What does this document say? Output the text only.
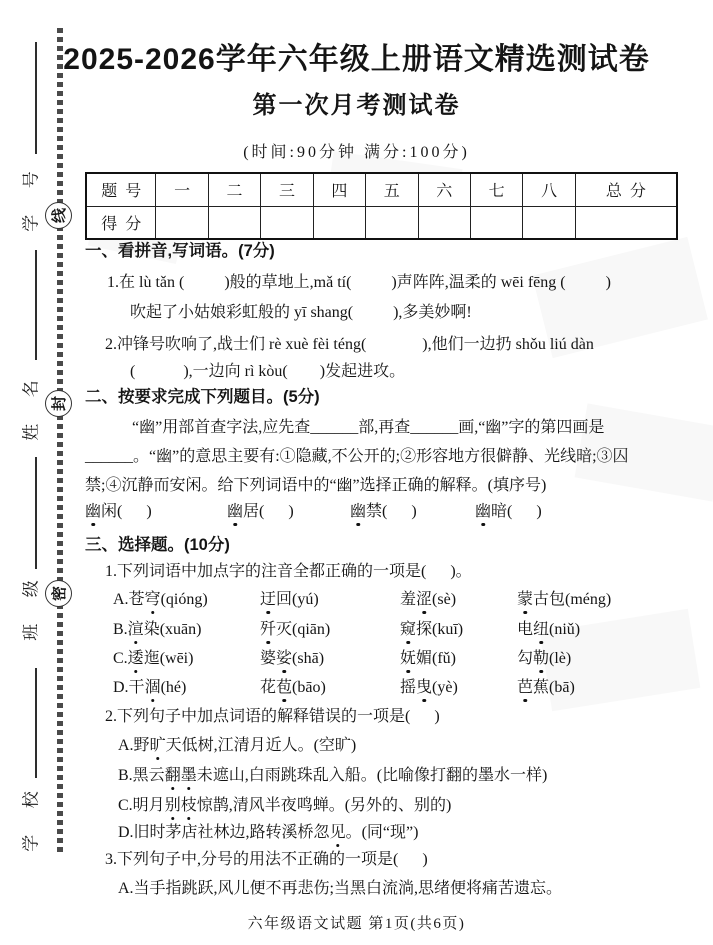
学  号
姓  名
班  级
学  校
线
封
密
2025-2026学年六年级上册语文精选测试卷
第一次月考测试卷
(时间:90分钟 满分:100分)
题  号	一	二	三	四	五	六	七	八	总  分
得  分									
一、看拼音,写词语。(7分)
1.在 lù tǎn (          )般的草地上,mǎ tí(          )声阵阵,温柔的 wēi fēng (          )
吹起了小姑娘彩虹般的 yī shang(          ),多美妙啊!
2.冲锋号吹响了,战士们 rè xuè fèi téng(              ),他们一边扔 shǒu liú dàn
(            ),一边向 rì kòu(        )发起进攻。
二、按要求完成下列题目。(5分)
“幽”用部首查字法,应先查______部,再查______画,“幽”字的第四画是
______。“幽”的意思主要有:①隐藏,不公开的;②形容地方很僻静、光线暗;③囚
禁;④沉静而安闲。给下列词语中的“幽”选择正确的解释。(填序号)
幽闲(      )	幽居(      )	幽禁(      )	幽暗(      )
三、选择题。(10分)
1.下列词语中加点字的注音全都正确的一项是(      )。
A.苍穹(qióng)	迂回(yú)	羞涩(sè)	蒙古包(méng)
B.渲染(xuān)	歼灭(qiān)	窥探(kuī)	电纽(niǔ)
C.逶迤(wēi)	婆娑(shā)	妩媚(fǔ)	勾勒(lè)
D.干涸(hé)	花苞(bāo)	摇曳(yè)	芭蕉(bā)
2.下列句子中加点词语的解释错误的一项是(      )
A.野旷天低树,江清月近人。(空旷)
B.黑云翻墨未遮山,白雨跳珠乱入船。(比喻像打翻的墨水一样)
C.明月别枝惊鹊,清风半夜鸣蝉。(另外的、别的)
D.旧时茅店社林边,路转溪桥忽见。(同“现”)
3.下列句子中,分号的用法不正确的一项是(      )
A.当手指跳跃,风儿便不再悲伤;当黑白流淌,思绪便将痛苦遗忘。
六年级语文试题 第1页(共6页)
